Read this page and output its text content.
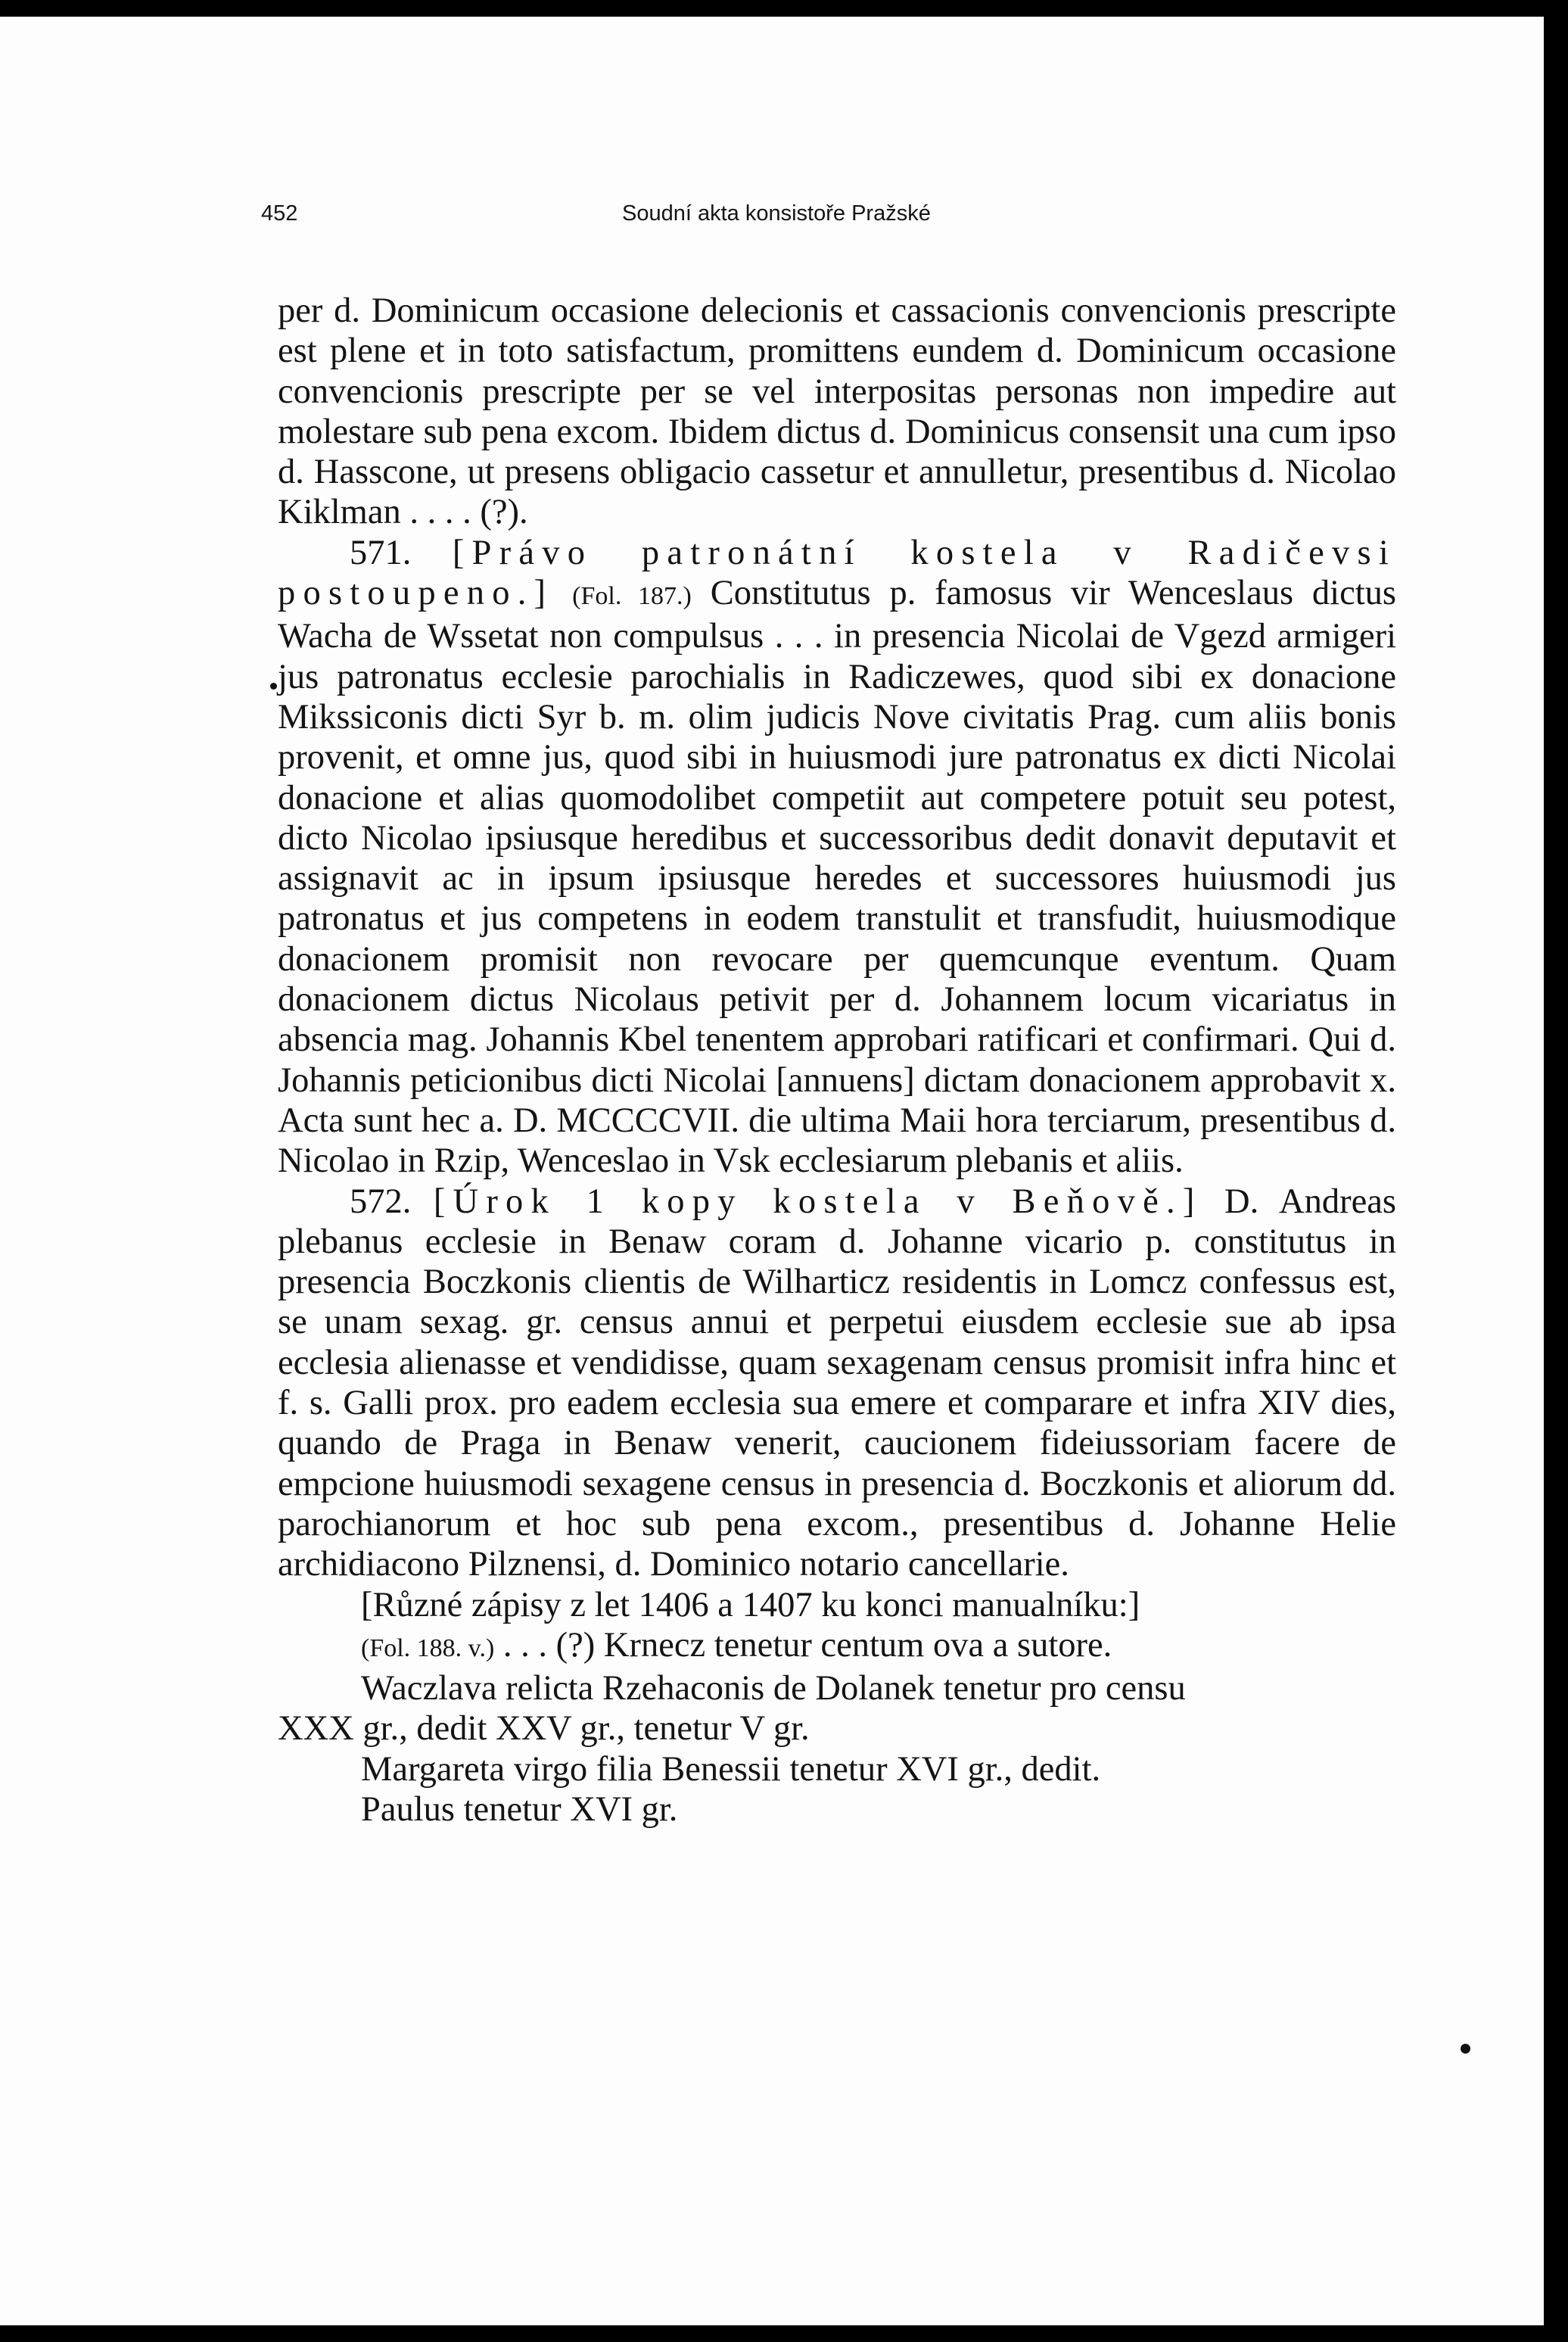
452	Soudní akta konsistoře Pražské

per d. Dominicum occasione delecionis et cassacionis convencionis prescripte est plene et in toto satisfactum, promittens eundem d. Dominicum occasione convencionis prescripte per se vel interpositas personas non impedire aut molestare sub pena excom. Ibidem dictus d. Dominicus consensit una cum ipso d. Hasscone, ut presens obligacio cassetur et annulletur, presentibus d. Nicolao Kiklman . . . . (?).

571. [Právo patronátní kostela v Radičevsi postoupeno.] (Fol. 187.) Constitutus p. famosus vir Wenceslaus dictus Wacha de Wssetat non compulsus . . . in presencia Nicolai de Vgezd armigeri jus patronatus ecclesie parochialis in Radiczewes, quod sibi ex donacione Mikssiconis dicti Syr b. m. olim judicis Nove civitatis Prag. cum aliis bonis provenit, et omne jus, quod sibi in huiusmodi jure patronatus ex dicti Nicolai donacione et alias quomodolibet competiit aut competere potuit seu potest, dicto Nicolao ipsiusque heredibus et successoribus dedit donavit deputavit et assignavit ac in ipsum ipsiusque heredes et successores huiusmodi jus patronatus et jus competens in eodem transtulit et transfudit, huiusmodique donacionem promisit non revocare per quemcunque eventum. Quam donacionem dictus Nicolaus petivit per d. Johannem locum vicariatus in absencia mag. Johannis Kbel tenentem approbari ratificari et confirmari. Qui d. Johannis peticionibus dicti Nicolai [annuens] dictam donacionem approbavit x. Acta sunt hec a. D. MCCCCVII. die ultima Maii hora terciarum, presentibus d. Nicolao in Rzip, Wenceslao in Vsk ecclesiarum plebanis et aliis.

572. [Úrok 1 kopy kostela v Beňově.] D. Andreas plebanus ecclesie in Benaw coram d. Johanne vicario p. constitutus in presencia Boczkonis clientis de Wilharticz residentis in Lomcz confessus est, se unam sexag. gr. census annui et perpetui eiusdem ecclesie sue ab ipsa ecclesia alienasse et vendidisse, quam sexagenam census promisit infra hinc et f. s. Galli prox. pro eadem ecclesia sua emere et comparare et infra XIV dies, quando de Praga in Benaw venerit, caucionem fideiussoriam facere de empcione huiusmodi sexagene census in presencia d. Boczkonis et aliorum dd. parochianorum et hoc sub pena excom., presentibus d. Johanne Helie archidiacono Pilznensi, d. Dominico notario cancellarie.

[Různé zápisy z let 1406 a 1407 ku konci manualníku:]

(Fol. 188. v.) . . . (?) Krnecz tenetur centum ova a sutore.

Waczlava relicta Rzehaconis de Dolanek tenetur pro censu
XXX gr., dedit XXV gr., tenetur V gr.

Margareta virgo filia Benessii tenetur XVI gr., dedit.

Paulus tenetur XVI gr.
